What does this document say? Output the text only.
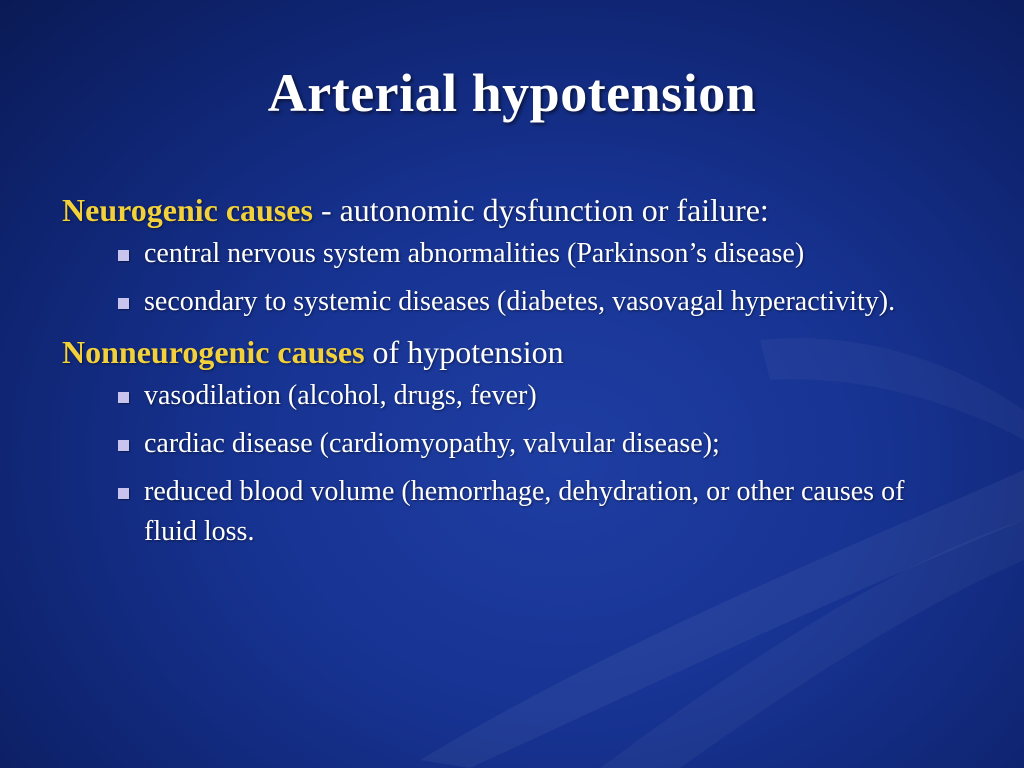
Arterial hypotension

Neurogenic causes - autonomic dysfunction or failure:

central nervous system abnormalities (Parkinson’s disease)
secondary to systemic diseases (diabetes, vasovagal hyperactivity).

Nonneurogenic causes of hypotension

vasodilation (alcohol, drugs, fever)
cardiac disease (cardiomyopathy, valvular disease);
reduced blood volume (hemorrhage, dehydration, or other causes of fluid loss.
